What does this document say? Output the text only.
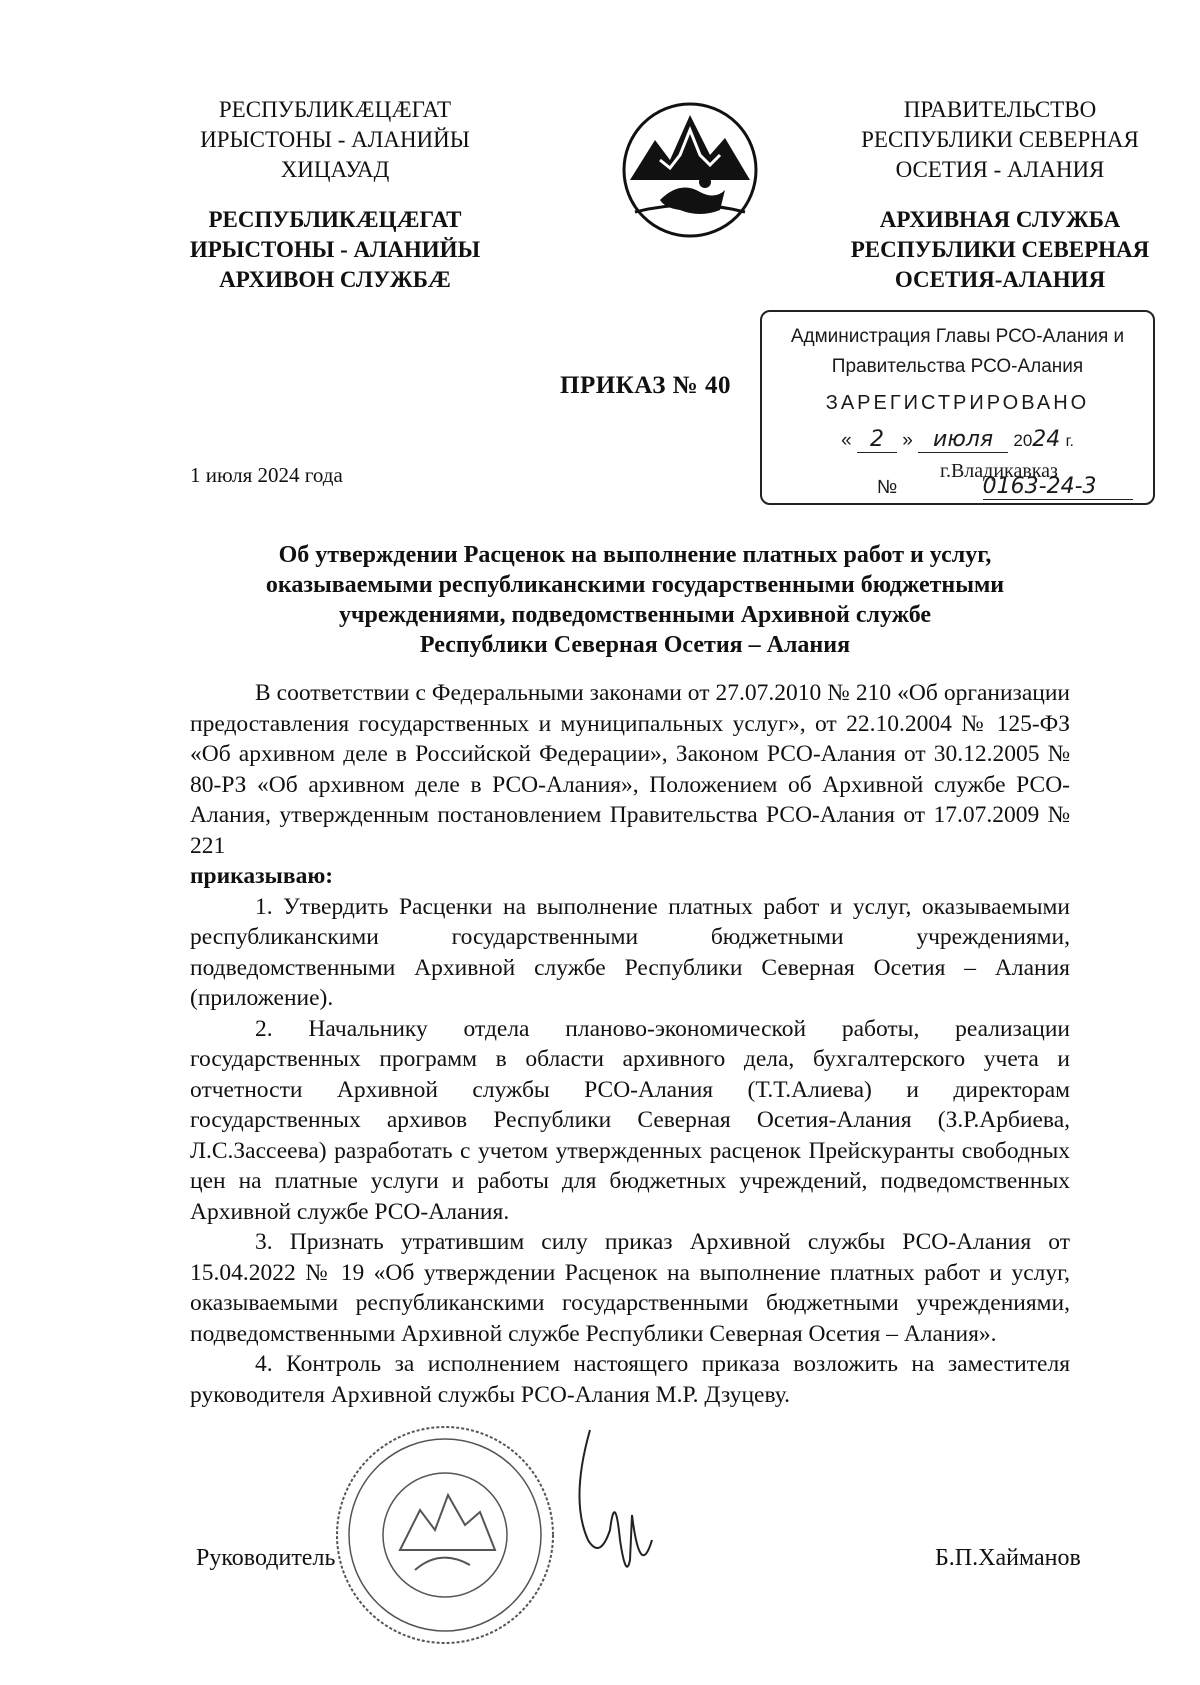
РЕСПУБЛИКÆЦÆГАТ
ИРЫСТОНЫ - АЛАНИЙЫ
ХИЦАУАД
РЕСПУБЛИКÆЦÆГАТ
ИРЫСТОНЫ - АЛАНИЙЫ
АРХИВОН СЛУЖБÆ
ПРАВИТЕЛЬСТВО
РЕСПУБЛИКИ СЕВЕРНАЯ
ОСЕТИЯ - АЛАНИЯ
АРХИВНАЯ СЛУЖБА
РЕСПУБЛИКИ СЕВЕРНАЯ
ОСЕТИЯ-АЛАНИЯ
ПРИКАЗ № 40
1 июля 2024 года
Администрация Главы РСО-Алания и
Правительства РСО-Алания
ЗАРЕГИСТРИРОВАНО
« 2 » июля 2024 г.
г.Владикавказ
№	0163-24-3
Об утверждении Расценок на выполнение платных работ и услуг,
оказываемыми республиканскими государственными бюджетными
учреждениями, подведомственными Архивной службе
Республики Северная Осетия – Алания

В соответствии с Федеральными законами от 27.07.2010 № 210 «Об организации предоставления государственных и муниципальных услуг», от 22.10.2004 № 125-ФЗ «Об архивном деле в Российской Федерации», Законом РСО-Алания от 30.12.2005 № 80-РЗ «Об архивном деле в РСО-Алания», Положением об Архивной службе РСО-Алания, утвержденным постановлением Правительства РСО-Алания от 17.07.2009 № 221

приказываю:

1. Утвердить Расценки на выполнение платных работ и услуг, оказываемыми республиканскими государственными бюджетными учреждениями, подведомственными Архивной службе Республики Северная Осетия – Алания (приложение).

2. Начальнику отдела планово-экономической работы, реализации государственных программ в области архивного дела, бухгалтерского учета и отчетности Архивной службы РСО-Алания (Т.Т.Алиева) и директорам государственных архивов Республики Северная Осетия-Алания (З.Р.Арбиева, Л.С.Зассеева) разработать с учетом утвержденных расценок Прейскуранты свободных цен на платные услуги и работы для бюджетных учреждений, подведомственных Архивной службе РСО-Алания.

3. Признать утратившим силу приказ Архивной службы РСО-Алания от 15.04.2022 № 19 «Об утверждении Расценок на выполнение платных работ и услуг, оказываемыми республиканскими государственными бюджетными учреждениями, подведомственными Архивной службе Республики Северная Осетия – Алания».

4. Контроль за исполнением настоящего приказа возложить на заместителя руководителя Архивной службы РСО-Алания М.Р. Дзуцеву.

Руководитель	Б.П.Хайманов
